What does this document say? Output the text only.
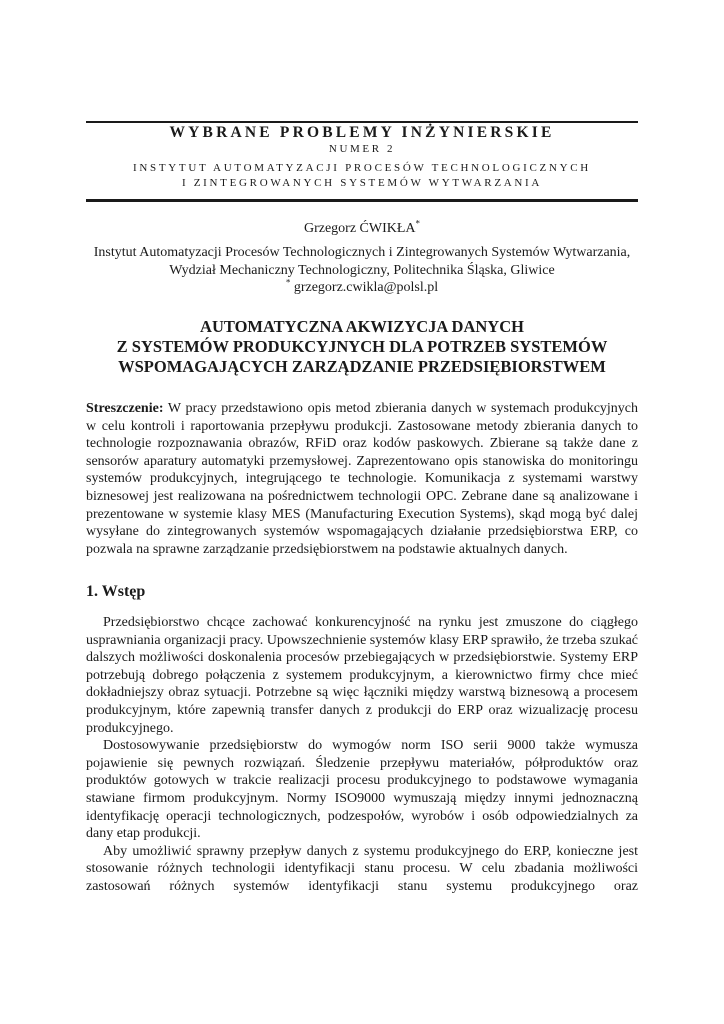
WYBRANE PROBLEMY INŻYNIERSKIE

NUMER 2

INSTYTUT AUTOMATYZACJI PROCESÓW TECHNOLOGICZNYCH
I ZINTEGROWANYCH SYSTEMÓW WYTWARZANIA

Grzegorz ĆWIKŁA*

Instytut Automatyzacji Procesów Technologicznych i Zintegrowanych Systemów Wytwarzania, Wydział Mechaniczny Technologiczny, Politechnika Śląska, Gliwice
* grzegorz.cwikla@polsl.pl
AUTOMATYCZNA AKWIZYCJA DANYCH
Z SYSTEMÓW PRODUKCYJNYCH DLA POTRZEB SYSTEMÓW
WSPOMAGAJĄCYCH ZARZĄDZANIE PRZEDSIĘBIORSTWEM

Streszczenie: W pracy przedstawiono opis metod zbierania danych w systemach produkcyjnych w celu kontroli i raportowania przepływu produkcji. Zastosowane metody zbierania danych to technologie rozpoznawania obrazów, RFiD oraz kodów paskowych. Zbierane są także dane z sensorów aparatury automatyki przemysłowej. Zaprezentowano opis stanowiska do monitoringu systemów produkcyjnych, integrującego te technologie. Komunikacja z systemami warstwy biznesowej jest realizowana na pośrednictwem technologii OPC. Zebrane dane są analizowane i prezentowane w systemie klasy MES (Manufacturing Execution Systems), skąd mogą być dalej wysyłane do zintegrowanych systemów wspomagających działanie przedsiębiorstwa ERP, co pozwala na sprawne zarządzanie przedsiębiorstwem na podstawie aktualnych danych.

1. Wstęp

Przedsiębiorstwo chcące zachować konkurencyjność na rynku jest zmuszone do ciągłego usprawniania organizacji pracy. Upowszechnienie systemów klasy ERP sprawiło, że trzeba szukać dalszych możliwości doskonalenia procesów przebiegających w przedsiębiorstwie. Systemy ERP potrzebują dobrego połączenia z systemem produkcyjnym, a kierownictwo firmy chce mieć dokładniejszy obraz sytuacji. Potrzebne są więc łączniki między warstwą biznesową a procesem produkcyjnym, które zapewnią transfer danych z produkcji do ERP oraz wizualizację procesu produkcyjnego.

Dostosowywanie przedsiębiorstw do wymogów norm ISO serii 9000 także wymusza pojawienie się pewnych rozwiązań. Śledzenie przepływu materiałów, półproduktów oraz produktów gotowych w trakcie realizacji procesu produkcyjnego to podstawowe wymagania stawiane firmom produkcyjnym. Normy ISO9000 wymuszają między innymi jednoznaczną identyfikację operacji technologicznych, podzespołów, wyrobów i osób odpowiedzialnych za dany etap produkcji.

Aby umożliwić sprawny przepływ danych z systemu produkcyjnego do ERP, konieczne jest stosowanie różnych technologii identyfikacji stanu procesu. W celu zbadania możliwości zastosowań różnych systemów identyfikacji stanu systemu produkcyjnego oraz
